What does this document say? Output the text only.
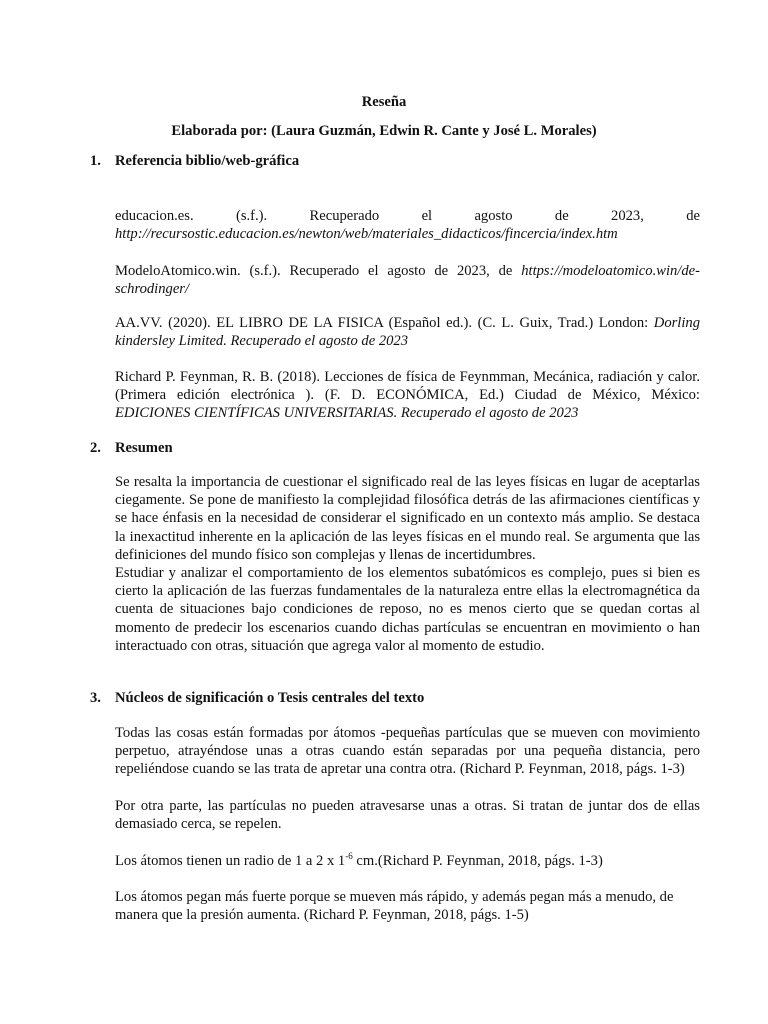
Reseña
Elaborada por: (Laura Guzmán, Edwin R. Cante y José L. Morales)
1. Referencia biblio/web-gráfica
educacion.es.	(s.f.).	Recuperado	el	agosto	de	2023,	de
http://recursostic.educacion.es/newton/web/materiales_didacticos/fincercia/index.htm
ModeloAtomico.win. (s.f.). Recuperado el agosto de 2023, de https://modeloatomico.win/de-
schrodinger/
AA.VV. (2020). EL LIBRO DE LA FISICA (Español ed.). (C. L. Guix, Trad.) London: Dorling
kindersley Limited. Recuperado el agosto de 2023
Richard P. Feynman, R. B. (2018). Lecciones de física de Feynmman, Mecánica, radiación y calor.
(Primera edición electrónica ). (F. D. ECONÓMICA, Ed.) Ciudad de México, México:
EDICIONES CIENTÍFICAS UNIVERSITARIAS. Recuperado el agosto de 2023
2. Resumen

Se resalta la importancia de cuestionar el significado real de las leyes físicas en lugar de aceptarlas ciegamente. Se pone de manifiesto la complejidad filosófica detrás de las afirmaciones científicas y se hace énfasis en la necesidad de considerar el significado en un contexto más amplio. Se destaca la inexactitud inherente en la aplicación de las leyes físicas en el mundo real. Se argumenta que las definiciones del mundo físico son complejas y llenas de incertidumbres.

Estudiar y analizar el comportamiento de los elementos subatómicos es complejo, pues si bien es cierto la aplicación de las fuerzas fundamentales de la naturaleza entre ellas la electromagnética da cuenta de situaciones bajo condiciones de reposo, no es menos cierto que se quedan cortas al momento de predecir los escenarios cuando dichas partículas se encuentran en movimiento o han interactuado con otras, situación que agrega valor al momento de estudio.

3. Núcleos de significación o Tesis centrales del texto

Todas las cosas están formadas por átomos -pequeñas partículas que se mueven con movimiento perpetuo, atrayéndose unas a otras cuando están separadas por una pequeña distancia, pero repeliéndose cuando se las trata de apretar una contra otra. (Richard P. Feynman, 2018, págs. 1-3)

Por otra parte, las partículas no pueden atravesarse unas a otras. Si tratan de juntar dos de ellas demasiado cerca, se repelen.

Los átomos tienen un radio de 1 a 2 x $1^{-6}$ cm.(Richard P. Feynman, 2018, págs. 1-3)

Los átomos pegan más fuerte porque se mueven más rápido, y además pegan más a menudo, de
manera que la presión aumenta. (Richard P. Feynman, 2018, págs. 1-5)
